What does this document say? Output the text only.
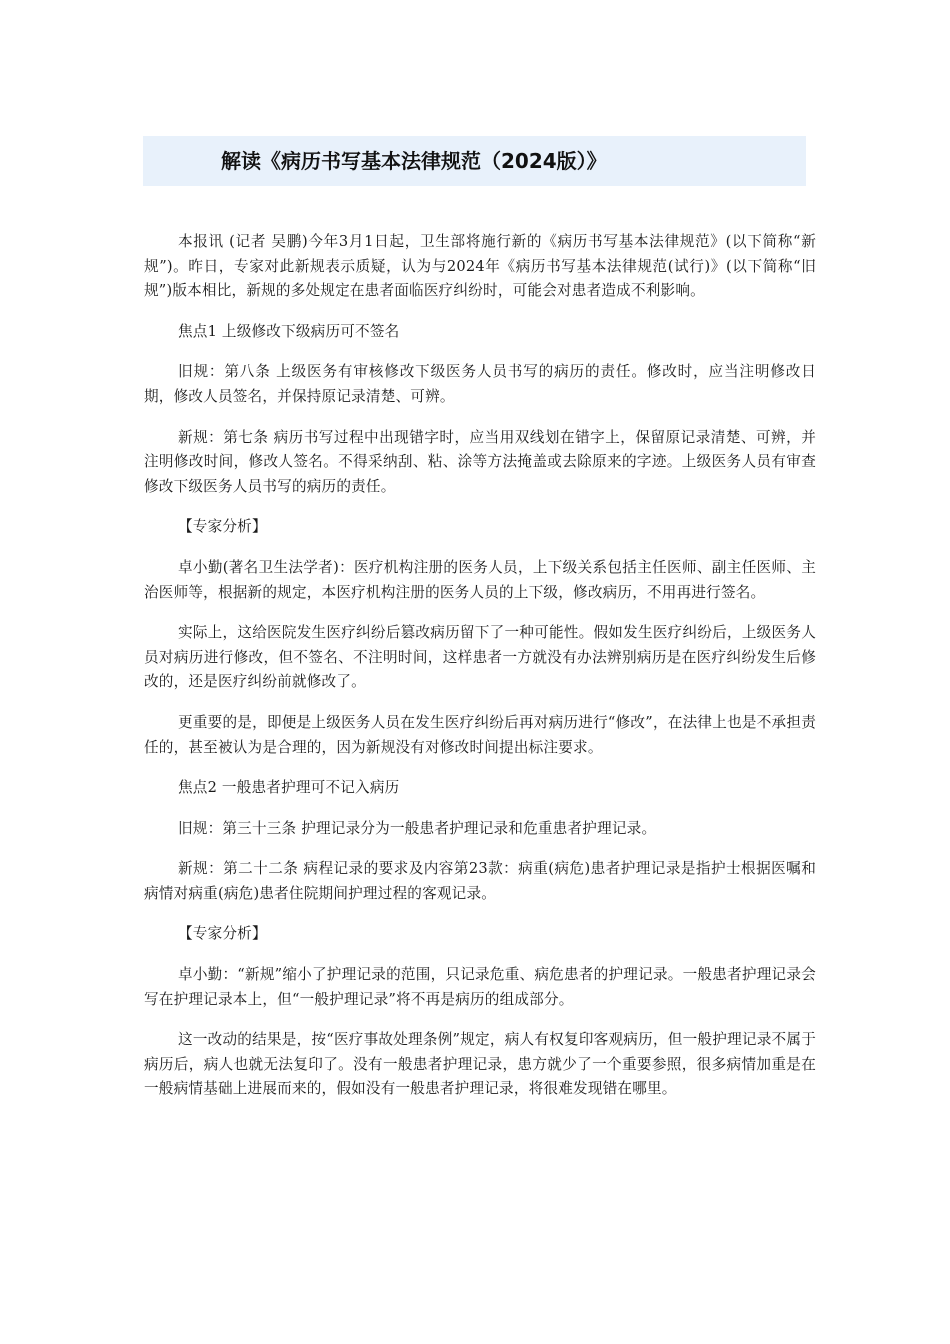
解读《病历书写基本法律规范（2024版）》

本报讯 (记者 吴鹏)今年3月1日起，卫生部将施行新的《病历书写基本法律规范》(以下简称“新规”)。昨日，专家对此新规表示质疑，认为与2024年《病历书写基本法律规范(试行)》(以下简称“旧规”)版本相比，新规的多处规定在患者面临医疗纠纷时，可能会对患者造成不利影响。

焦点1 上级修改下级病历可不签名

旧规：第八条 上级医务有审核修改下级医务人员书写的病历的责任。修改时，应当注明修改日期，修改人员签名，并保持原记录清楚、可辨。

新规：第七条 病历书写过程中出现错字时，应当用双线划在错字上，保留原记录清楚、可辨，并注明修改时间，修改人签名。不得采纳刮、粘、涂等方法掩盖或去除原来的字迹。上级医务人员有审查修改下级医务人员书写的病历的责任。

【专家分析】

卓小勤(著名卫生法学者)：医疗机构注册的医务人员，上下级关系包括主任医师、副主任医师、主治医师等，根据新的规定，本医疗机构注册的医务人员的上下级，修改病历，不用再进行签名。

实际上，这给医院发生医疗纠纷后篡改病历留下了一种可能性。假如发生医疗纠纷后，上级医务人员对病历进行修改，但不签名、不注明时间，这样患者一方就没有办法辨别病历是在医疗纠纷发生后修改的，还是医疗纠纷前就修改了。

更重要的是，即便是上级医务人员在发生医疗纠纷后再对病历进行“修改”，在法律上也是不承担责任的，甚至被认为是合理的，因为新规没有对修改时间提出标注要求。

焦点2 一般患者护理可不记入病历

旧规：第三十三条 护理记录分为一般患者护理记录和危重患者护理记录。

新规：第二十二条 病程记录的要求及内容第23款：病重(病危)患者护理记录是指护士根据医嘱和病情对病重(病危)患者住院期间护理过程的客观记录。

【专家分析】

卓小勤：“新规”缩小了护理记录的范围，只记录危重、病危患者的护理记录。一般患者护理记录会写在护理记录本上，但“一般护理记录”将不再是病历的组成部分。

这一改动的结果是，按“医疗事故处理条例”规定，病人有权复印客观病历，但一般护理记录不属于病历后，病人也就无法复印了。没有一般患者护理记录，患方就少了一个重要参照，很多病情加重是在一般病情基础上进展而来的，假如没有一般患者护理记录，将很难发现错在哪里。
